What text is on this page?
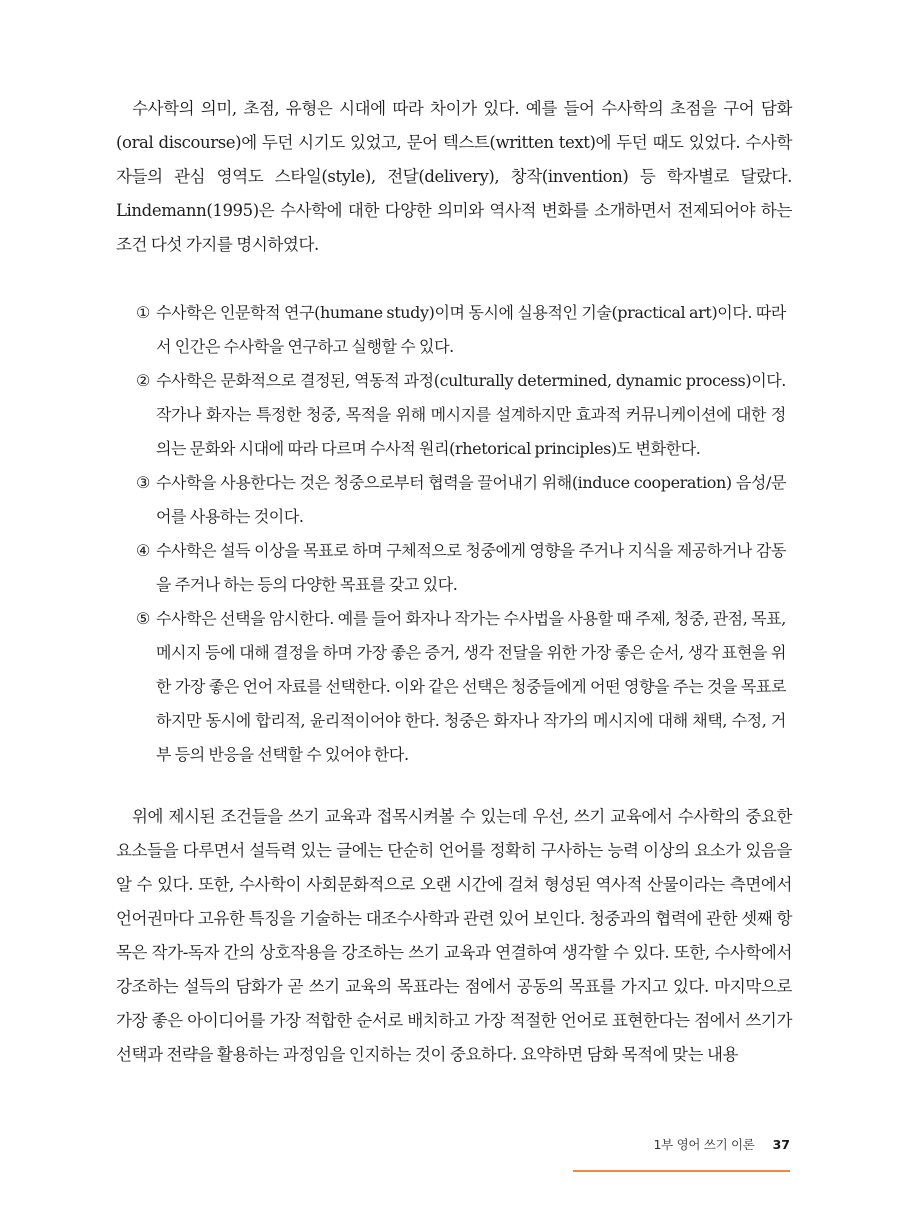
수사학의 의미, 초점, 유형은 시대에 따라 차이가 있다. 예를 들어 수사학의 초점을 구어 담화(oral discourse)에 두던 시기도 있었고, 문어 텍스트(written text)에 두던 때도 있었다. 수사학자들의 관심 영역도 스타일(style), 전달(delivery), 창작(invention) 등 학자별로 달랐다. Lindemann(1995)은 수사학에 대한 다양한 의미와 역사적 변화를 소개하면서 전제되어야 하는 조건 다섯 가지를 명시하였다.

① 수사학은 인문학적 연구(humane study)이며 동시에 실용적인 기술(practical art)이다. 따라서 인간은 수사학을 연구하고 실행할 수 있다.
② 수사학은 문화적으로 결정된, 역동적 과정(culturally determined, dynamic process)이다. 작가나 화자는 특정한 청중, 목적을 위해 메시지를 설계하지만 효과적 커뮤니케이션에 대한 정의는 문화와 시대에 따라 다르며 수사적 원리(rhetorical principles)도 변화한다.
③ 수사학을 사용한다는 것은 청중으로부터 협력을 끌어내기 위해(induce cooperation) 음성/문어를 사용하는 것이다.
④ 수사학은 설득 이상을 목표로 하며 구체적으로 청중에게 영향을 주거나 지식을 제공하거나 감동을 주거나 하는 등의 다양한 목표를 갖고 있다.
⑤ 수사학은 선택을 암시한다. 예를 들어 화자나 작가는 수사법을 사용할 때 주제, 청중, 관점, 목표, 메시지 등에 대해 결정을 하며 가장 좋은 증거, 생각 전달을 위한 가장 좋은 순서, 생각 표현을 위한 가장 좋은 언어 자료를 선택한다. 이와 같은 선택은 청중들에게 어떤 영향을 주는 것을 목표로 하지만 동시에 합리적, 윤리적이어야 한다. 청중은 화자나 작가의 메시지에 대해 채택, 수정, 거부 등의 반응을 선택할 수 있어야 한다.

위에 제시된 조건들을 쓰기 교육과 접목시켜볼 수 있는데 우선, 쓰기 교육에서 수사학의 중요한 요소들을 다루면서 설득력 있는 글에는 단순히 언어를 정확히 구사하는 능력 이상의 요소가 있음을 알 수 있다. 또한, 수사학이 사회문화적으로 오랜 시간에 걸쳐 형성된 역사적 산물이라는 측면에서 언어권마다 고유한 특징을 기술하는 대조수사학과 관련 있어 보인다. 청중과의 협력에 관한 셋째 항목은 작가-독자 간의 상호작용을 강조하는 쓰기 교육과 연결하여 생각할 수 있다. 또한, 수사학에서 강조하는 설득의 담화가 곧 쓰기 교육의 목표라는 점에서 공동의 목표를 가지고 있다. 마지막으로 가장 좋은 아이디어를 가장 적합한 순서로 배치하고 가장 적절한 언어로 표현한다는 점에서 쓰기가 선택과 전략을 활용하는 과정임을 인지하는 것이 중요하다. 요약하면 담화 목적에 맞는 내용

1부 영어 쓰기 이론 37
